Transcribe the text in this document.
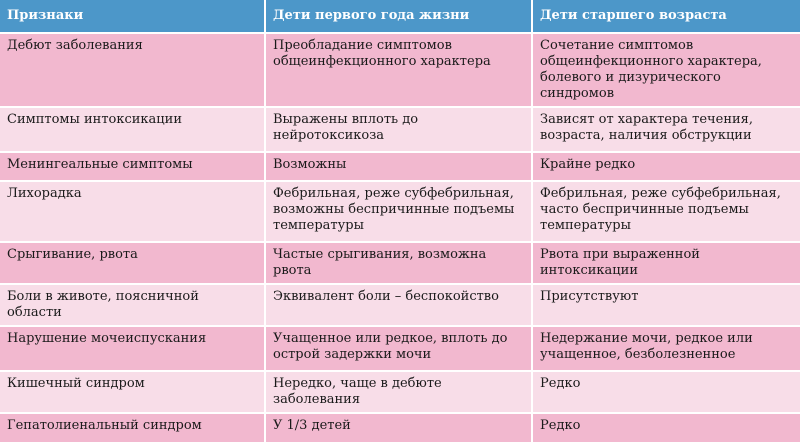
Признаки	Дети первого года жизни	Дети старшего возраста
Дебют заболевания	Преобладание симптомов общеинфекционного характера	Сочетание симптомов общеинфекционного характера, болевого и дизурического синдромов
Симптомы интоксикации	Выражены вплоть до нейротоксикоза	Зависят от характера течения, возраста, наличия обструкции
Менингеальные симптомы	Возможны	Крайне редко
Лихорадка	Фебрильная, реже субфебрильная, возможны беспричинные подъемы температуры	Фебрильная, реже субфебрильная, часто беспричинные подъемы температуры
Срыгивание, рвота	Частые срыгивания, возможна рвота	Рвота при выраженной интоксикации
Боли в животе, поясничной области	Эквивалент боли – беспокойство	Присутствуют
Нарушение мочеиспускания	Учащенное или редкое, вплоть до острой задержки мочи	Недержание мочи, редкое или учащенное, безболезненное
Кишечный синдром	Нередко, чаще в дебюте заболевания	Редко
Гепатолиенальный синдром	У 1/3 детей	Редко
